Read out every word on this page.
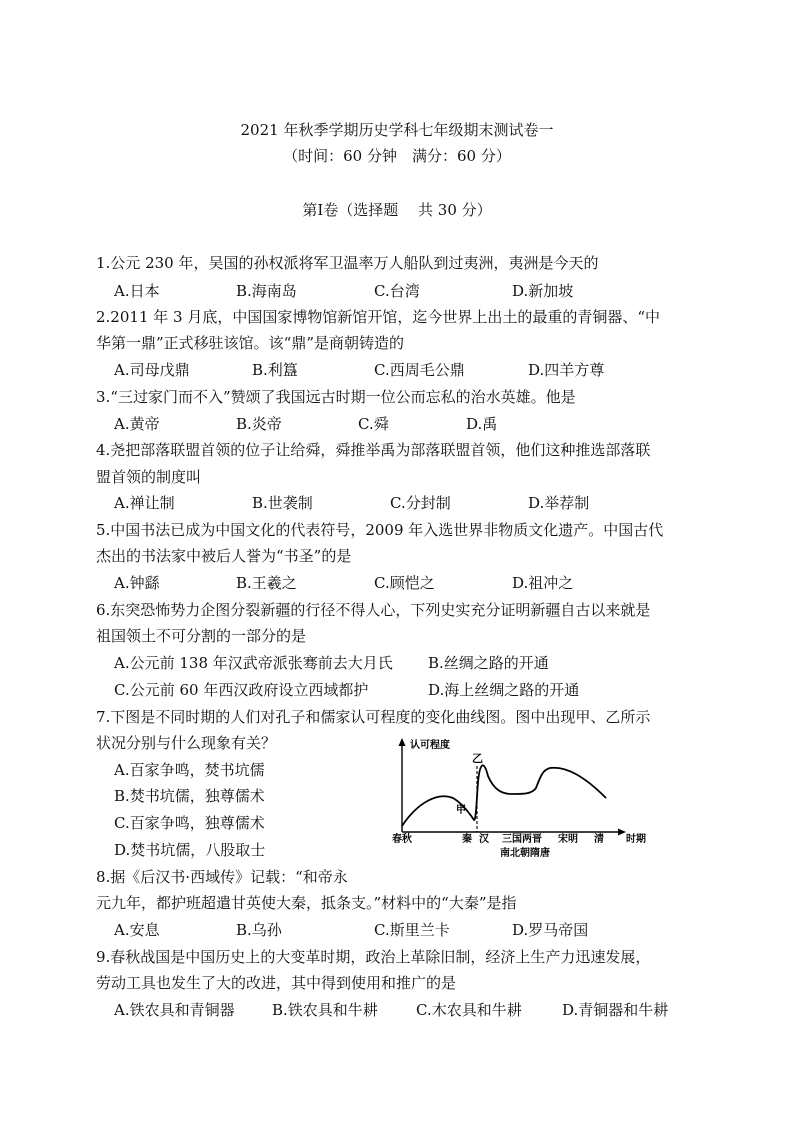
2021 年秋季学期历史学科七年级期末测试卷一
（时间：60 分钟　满分：60 分）
第Ⅰ卷（选择题　 共 30 分）
1.公元 230 年，吴国的孙权派将军卫温率万人船队到过夷洲，夷洲是今天的
A.日本	B.海南岛	C.台湾	D.新加坡
2.2011 年 3 月底，中国国家博物馆新馆开馆，迄今世界上出土的最重的青铜器、“中
华第一鼎”正式移驻该馆。该“鼎”是商朝铸造的
A.司母戊鼎	B.利簋	C.西周毛公鼎	D.四羊方尊
3.“三过家门而不入”赞颂了我国远古时期一位公而忘私的治水英雄。他是
A.黄帝	B.炎帝	C.舜	D.禹
4.尧把部落联盟首领的位子让给舜，舜推举禹为部落联盟首领，他们这种推选部落联
盟首领的制度叫
A.禅让制	B.世袭制	C.分封制	D.举荐制
5.中国书法已成为中国文化的代表符号，2009 年入选世界非物质文化遗产。中国古代
杰出的书法家中被后人誉为“书圣”的是
A.钟繇	B.王羲之	C.顾恺之	D.祖冲之
6.东突恐怖势力企图分裂新疆的行径不得人心，下列史实充分证明新疆自古以来就是
祖国领土不可分割的一部分的是
A.公元前 138 年汉武帝派张骞前去大月氏 B.丝绸之路的开通
C.公元前 60 年西汉政府设立西域都护	D.海上丝绸之路的开通
7.下图是不同时期的人们对孔子和儒家认可程度的变化曲线图。图中出现甲、乙所示
状况分别与什么现象有关？
A.百家争鸣，焚书坑儒
B.焚书坑儒，独尊儒术
C.百家争鸣，独尊儒术
D.焚书坑儒，八股取士
认可程度
时期
乙
甲
春秋	秦 汉 三国两晋 宋明 清
南北朝隋唐
8.据《后汉书·西域传》记载：“和帝永
元九年，都护班超遣甘英使大秦，抵条支。”材料中的“大秦”是指
A.安息	B.乌孙	C.斯里兰卡	D.罗马帝国
9.春秋战国是中国历史上的大变革时期，政治上革除旧制，经济上生产力迅速发展，
劳动工具也发生了大的改进，其中得到使用和推广的是
A.铁农具和青铜器 B.铁农具和牛耕	C.木农具和牛耕	D.青铜器和牛耕
